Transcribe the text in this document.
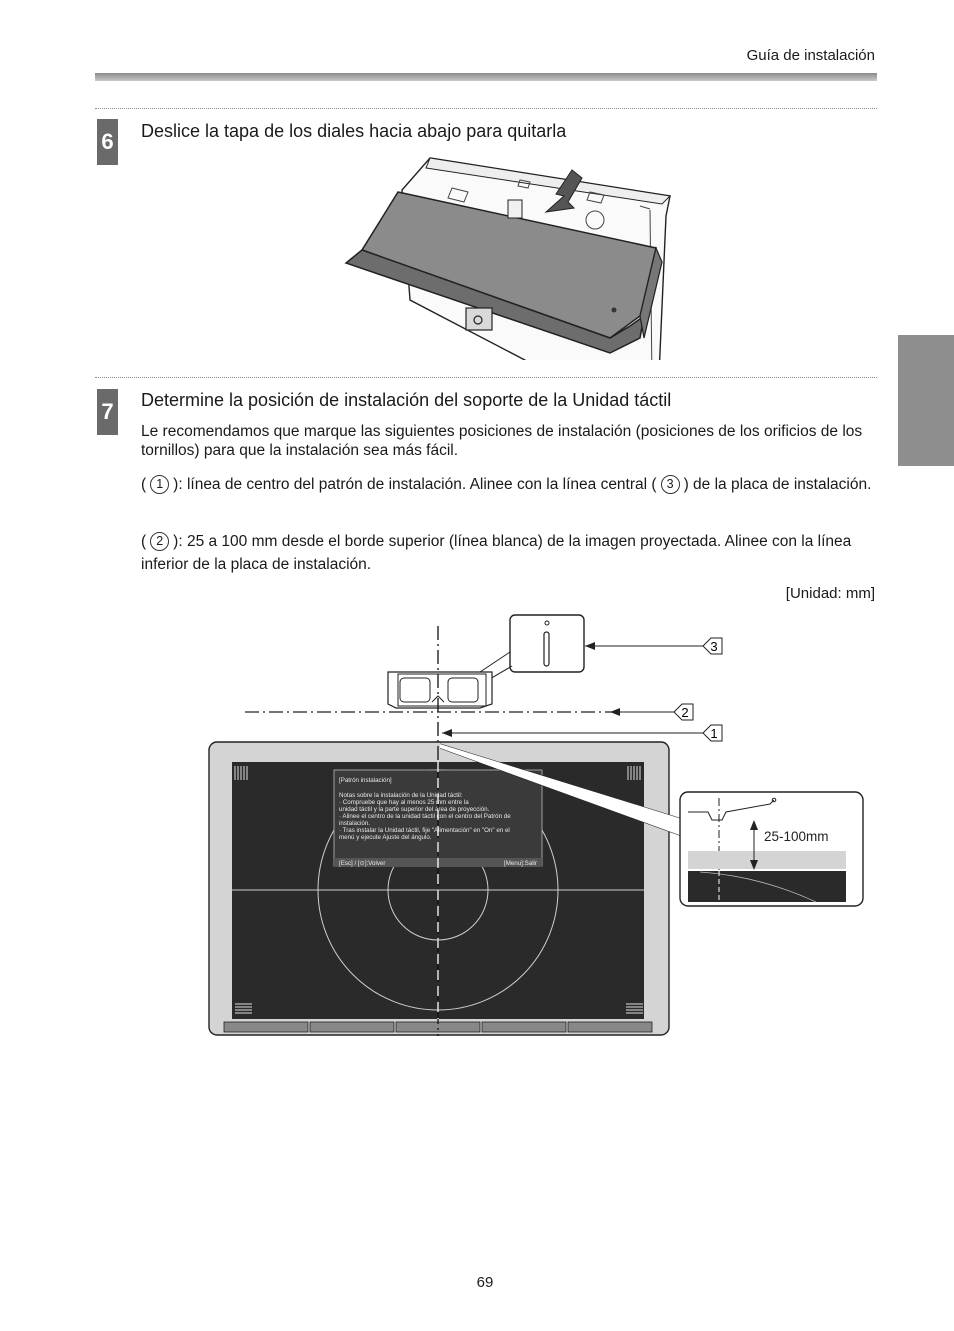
Guía de instalación
6 Deslice la tapa de los diales hacia abajo para quitarla
7 Determine la posición de instalación del soporte de la Unidad táctil
Le recomendamos que marque las siguientes posiciones de instalación (posiciones de los orificios de los tornillos) para que la instalación sea más fácil.
( 1 ): línea de centro del patrón de instalación. Alinee con la línea central ( 3 ) de la placa de instalación.
( 2 ): 25 a 100 mm desde el borde superior (línea blanca) de la imagen proyectada. Alinee con la línea inferior de la placa de instalación.
[Unidad: mm]
3
2
1
[Patrón instalación]
Notas sobre la instalación de la Unidad táctil:
· Compruebe que hay al menos 25 mm entre la
unidad táctil y la parte superior del área de proyección.
· Alinee el centro de la unidad táctil con el centro del Patrón de
instalación.
· Tras instalar la Unidad táctil, fije "Alimentación" en "On" en el
menú y ejecute Ajuste del ángulo.
[Esc] / [⊙]:Volver	[Menu]:Salir
25-100mm
69
